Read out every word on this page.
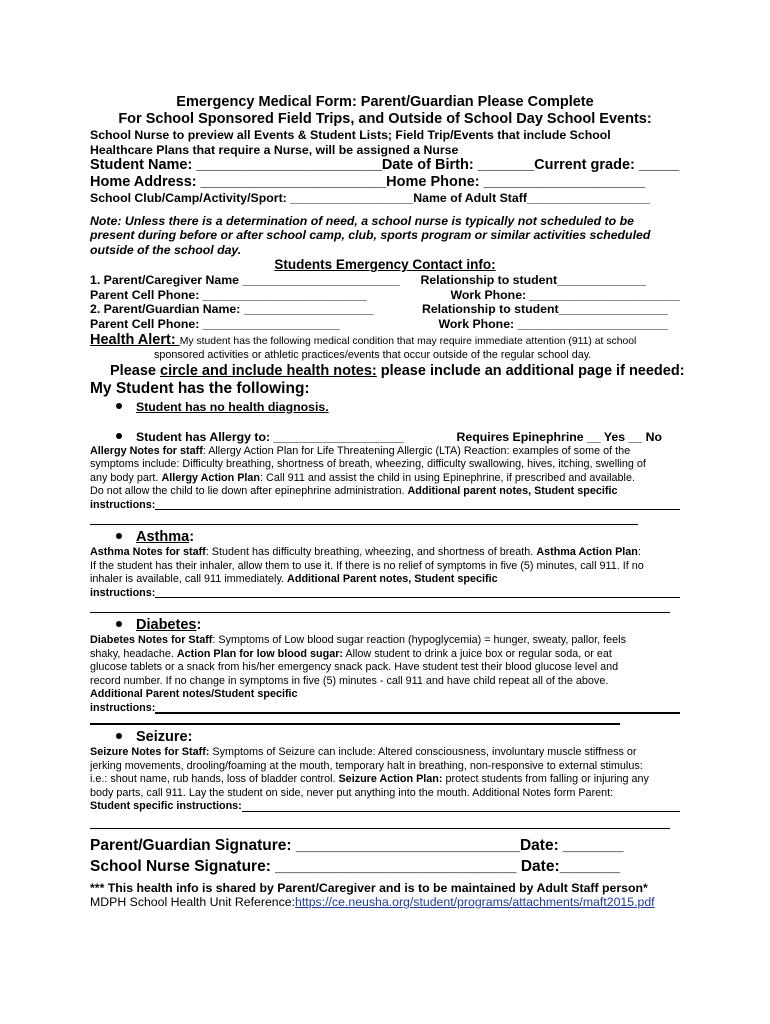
Emergency Medical Form: Parent/Guardian Please Complete
For School Sponsored Field Trips, and Outside of School Day School Events:
School Nurse to preview all Events & Student Lists; Field Trip/Events that include School
Healthcare Plans that require a Nurse, will be assigned a Nurse
Student Name: _______________________Date of Birth: _______Current grade: _____
Home Address: _______________________Home Phone: ____________________
School Club/Camp/Activity/Sport: __________________Name of Adult Staff__________________
Note: Unless there is a determination of need, a school nurse is typically not scheduled to be
present during before or after school camp, club, sports program or similar activities scheduled
outside of the school day.
Students Emergency Contact info:
1. Parent/Caregiver Name _______________________ Relationship to student_____________
Parent Cell Phone: ________________________	Work Phone: ______________________
2. Parent/Guardian Name: ___________________	Relationship to student________________
Parent Cell Phone: ____________________	Work Phone: ______________________
Health Alert: My student has the following medical condition that may require immediate attention (911) at school
sponsored activities or athletic practices/events that occur outside of the regular school day.
Please circle and include health notes: please include an additional page if needed:
My Student has the following:
Student has no health diagnosis.
Student has Allergy to: ___________________	Requires Epinephrine __ Yes __ No
Allergy Notes for staff: Allergy Action Plan for Life Threatening Allergic (LTA) Reaction: examples of some of the
symptoms include: Difficulty breathing, shortness of breath, wheezing, difficulty swallowing, hives, itching, swelling of
any body part. Allergy Action Plan: Call 911 and assist the child in using Epinephrine, if prescribed and available.
Do not allow the child to lie down after epinephrine administration. Additional parent notes, Student specific
instructions:
Asthma :
Asthma Notes for staff: Student has difficulty breathing, wheezing, and shortness of breath. Asthma Action Plan:
If the student has their inhaler, allow them to use it. If there is no relief of symptoms in five (5) minutes, call 911. If no
inhaler is available, call 911 immediately. Additional Parent notes, Student specific
instructions:
Diabetes :
Diabetes Notes for Staff: Symptoms of Low blood sugar reaction (hypoglycemia) = hunger, sweaty, pallor, feels
shaky, headache. Action Plan for low blood sugar: Allow student to drink a juice box or regular soda, or eat
glucose tablets or a snack from his/her emergency snack pack. Have student test their blood glucose level and
record number. If no change in symptoms in five (5) minutes - call 911 and have child repeat all of the above.
Additional Parent notes/Student specific
instructions:
Seizure:
Seizure Notes for Staff: Symptoms of Seizure can include: Altered consciousness, involuntary muscle stiffness or
jerking movements, drooling/foaming at the mouth, temporary halt in breathing, non-responsive to external stimulus:
i.e.: shout name, rub hands, loss of bladder control. Seizure Action Plan: protect students from falling or injuring any
body parts, call 911. Lay the student on side, never put anything into the mouth. Additional Notes form Parent:
Student specific instructions:
Parent/Guardian Signature: __________________________Date: _______
School Nurse Signature: ____________________________ Date:_______
*** This health info is shared by Parent/Caregiver and is to be maintained by Adult Staff person*
MDPH School Health Unit Reference:https://ce.neusha.org/student/programs/attachments/maft2015.pdf
